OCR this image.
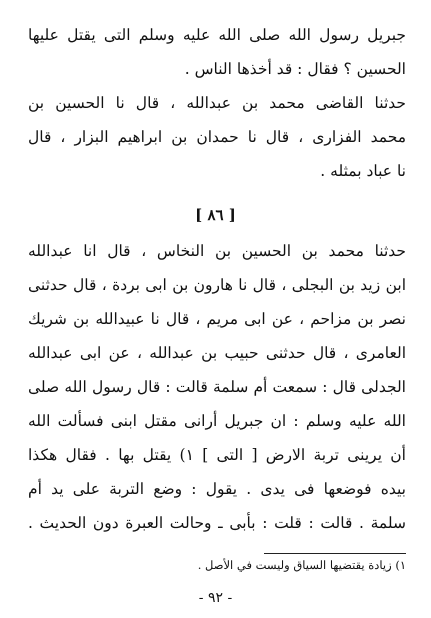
جبريل رسول الله صلى الله عليه وسلم التى يقتل عليها
الحسين ؟ فقال : قد أخذها الناس .
حدثنا القاضى محمد بن عبدالله ، قال نا الحسين بن
محمد الفزارى ، قال نا حمدان بن ابراهيم البزار ، قال
نا عباد بمثله .
[ ٨٦ ]
حدثنا محمد بن الحسين بن النخاس ، قال انا عبدالله
ابن زيد بن البجلى ، قال نا هارون بن ابى بردة ، قال حدثنى
نصر بن مزاحم ، عن ابى مريم ، قال نا عبيدالله بن شريك
العامرى ، قال حدثنى حبيب بن عبدالله ، عن ابى عبدالله
الجدلى قال : سمعت أم سلمة قالت : قال رسول الله صلى
الله عليه وسلم : ان جبريل أرانى مقتل ابنى فسألت الله
أن يرينى تربة الارض [ التى ] ١) يقتل بها . فقال هكذا
بيده فوضعها فى يدى . يقول : وضع التربة على يد أم
سلمة . قالت : قلت : بأبى ـ وحالت العبرة دون الحديث .
١) زيادة يقتضيها السياق وليست في الأصل .
- ٩٢ -
